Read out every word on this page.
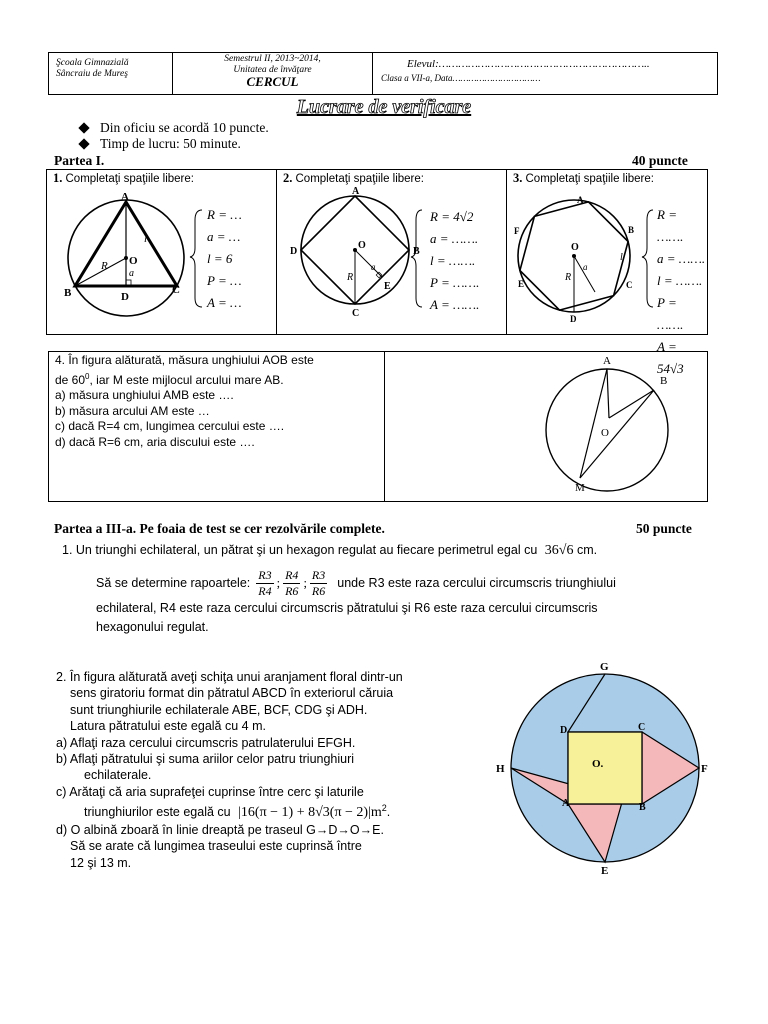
Şcoala Gimnazială
Sâncraiu de Mureş
Semestrul II, 2013~2014,
Unitatea de învăţare
CERCUL
Elevul:………………………………………………………..
Clasa a VII-a, Data……………………………
Lucrare de verificare
Din oficiu se acordă 10 puncte.
Timp de lucru: 50 minute.
Partea I.	40 puncte
1. Completaţi spaţiile libere:
A
B	C
D
O
R
l
a
R = …
a = …
l = 6
P = …
A = …
2. Completaţi spaţiile libere:
A
B
C
D
O
R
a
E
R = 4√2
a = …….
l = …….
P = …….
A = …….
3. Completaţi spaţiile libere:
A
B
C
D
E
F
O
R
a
l
R = …….
a = …….
l = …….
P = …….
A = 54√3
4. În figura alăturată, măsura unghiului AOB este
de $60^0$, iar M este mijlocul arcului mare AB.
a) măsura unghiului AMB este ….
b) măsura arcului AM este …
c) dacă R=4 cm, lungimea cercului este ….
d) dacă R=6 cm, aria discului este ….
A
B
O
M
Partea a III-a. Pe foaia de test se cer rezolvările complete.	50 puncte
1. Un triunghi echilateral, un pătrat şi un hexagon regulat au fiecare perimetrul egal cu 36√6 cm.
Să se determine rapoartele: $\frac{R3}{R4}$ ; $\frac{R4}{R6}$ ; $\frac{R3}{R6}$ unde R3 este raza cercului circumscris triunghiului
echilateral, R4 este raza cercului circumscris pătratului şi R6 este raza cercului circumscris
hexagonului regulat.
2. În figura alăturată aveţi schiţa unui aranjament floral dintr-un
sens giratoriu format din pătratul ABCD în exteriorul căruia
sunt triunghiurile echilaterale ABE, BCF, CDG şi ADH.
Latura pătratului este egală cu 4 m.
a) Aflaţi raza cercului circumscris patrulaterului EFGH.
b) Aflaţi pătratului şi suma ariilor celor patru triunghiuri
echilaterale.
c) Arătaţi că aria suprafeţei cuprinse între cerc şi laturile
triunghiurilor este egală cu $|16(\pi - 1) + 8√3(\pi - 2)|m^2$.
d) O albină zboară în linie dreaptă pe traseul G→D→O→E.
Să se arate că lungimea traseului este cuprinsă între
12 şi 13 m.
G
D	C
H	O.	F
A	B
E
